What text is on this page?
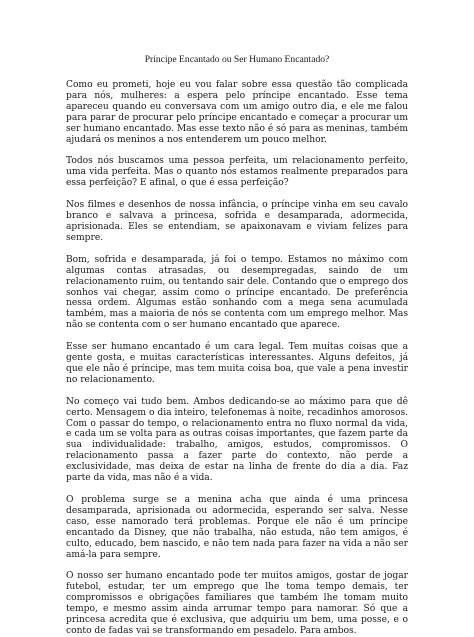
Príncipe Encantado ou Ser Humano Encantado?

Como eu prometi, hoje eu vou falar sobre essa questão tão complicada para nós, mulheres: a espera pelo príncipe encantado. Esse tema apareceu quando eu conversava com um amigo outro dia, e ele me falou para parar de procurar pelo príncipe encantado e começar a procurar um ser humano encantado. Mas esse texto não é só para as meninas, também ajudará os meninos a nos entenderem um pouco melhor.

Todos nós buscamos uma pessoa perfeita, um relacionamento perfeito, uma vida perfeita. Mas o quanto nós estamos realmente preparados para essa perfeição? E afinal, o que é essa perfeição?

Nos filmes e desenhos de nossa infância, o príncipe vinha em seu cavalo branco e salvava a princesa, sofrida e desamparada, adormecida, aprisionada. Eles se entendiam, se apaixonavam e viviam felizes para sempre.

Bom, sofrida e desamparada, já foi o tempo. Estamos no máximo com algumas contas atrasadas, ou desempregadas, saindo de um relacionamento ruim, ou tentando sair dele. Contando que o emprego dos sonhos vai chegar, assim como o príncipe encantado. De preferência nessa ordem. Algumas estão sonhando com a mega sena acumulada também, mas a maioria de nós se contenta com um emprego melhor. Mas não se contenta com o ser humano encantado que aparece.

Esse ser humano encantado é um cara legal. Tem muitas coisas que a gente gosta, e muitas características interessantes. Alguns defeitos, já que ele não é príncipe, mas tem muita coisa boa, que vale a pena investir no relacionamento.

No começo vai tudo bem. Ambos dedicando-se ao máximo para que dê certo. Mensagem o dia inteiro, telefonemas à noite, recadinhos amorosos. Com o passar do tempo, o relacionamento entra no fluxo normal da vida, e cada um se volta para as outras coisas importantes, que fazem parte da sua individualidade: trabalho, amigos, estudos, compromissos. O relacionamento passa a fazer parte do contexto, não perde a exclusividade, mas deixa de estar na linha de frente do dia a dia. Faz parte da vida, mas não é a vida.

O problema surge se a menina acha que ainda é uma princesa desamparada, aprisionada ou adormecida, esperando ser salva. Nesse caso, esse namorado terá problemas. Porque ele não é um príncipe encantado da Disney, que não trabalha, não estuda, não tem amigos, é culto, educado, bem nascido, e não tem nada para fazer na vida a não ser amá-la para sempre.

O nosso ser humano encantado pode ter muitos amigos, gostar de jogar futebol, estudar, ter um emprego que lhe toma tempo demais, ter compromissos e obrigações familiares que também lhe tomam muito tempo, e mesmo assim ainda arrumar tempo para namorar. Só que a princesa acredita que é exclusiva, que adquiriu um bem, uma posse, e o conto de fadas vai se transformando em pesadelo. Para ambos.
